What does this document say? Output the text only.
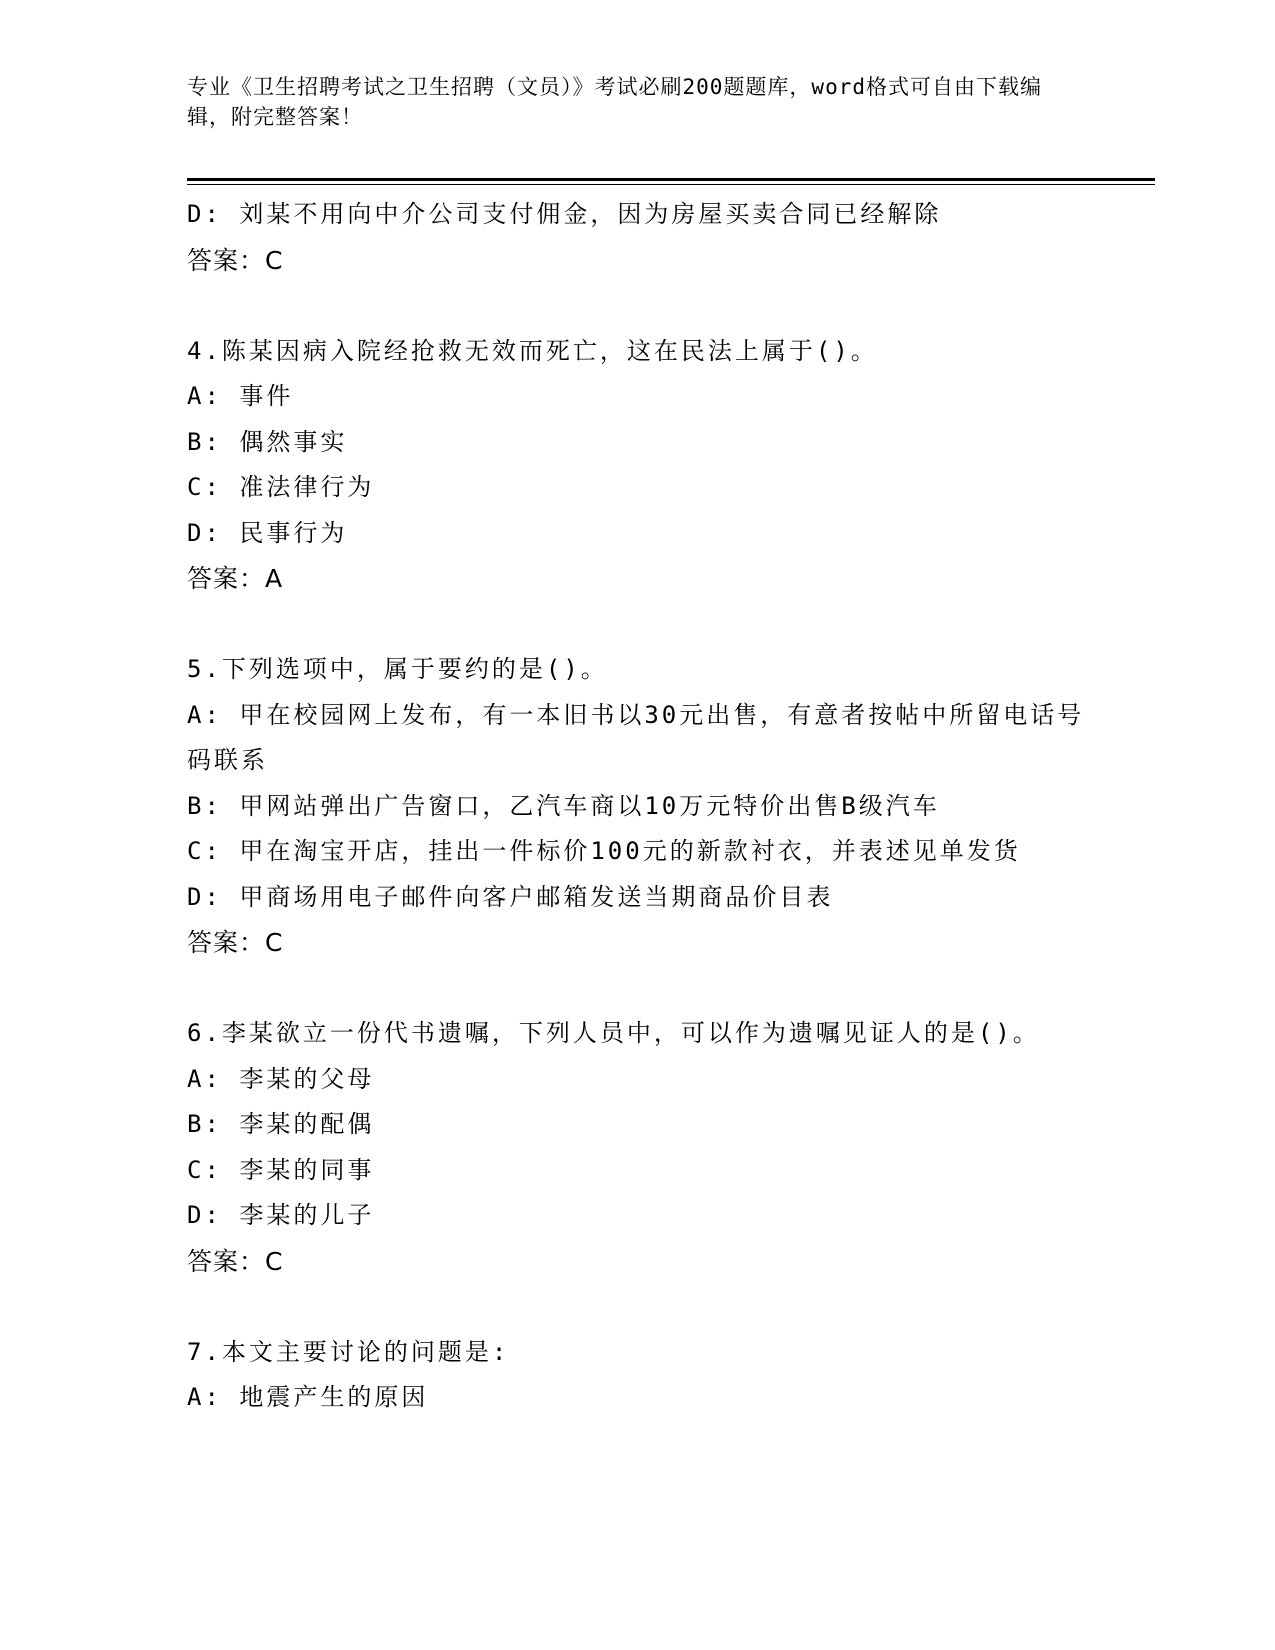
专业《卫生招聘考试之卫生招聘（文员）》考试必刷200题题库，word格式可自由下载编辑，附完整答案！
D: 刘某不用向中介公司支付佣金，因为房屋买卖合同已经解除
答案：C
4.陈某因病入院经抢救无效而死亡，这在民法上属于()。
A: 事件
B: 偶然事实
C: 准法律行为
D: 民事行为
答案：A
5.下列选项中，属于要约的是()。
A: 甲在校园网上发布，有一本旧书以30元出售，有意者按帖中所留电话号码联系
B: 甲网站弹出广告窗口，乙汽车商以10万元特价出售B级汽车
C: 甲在淘宝开店，挂出一件标价100元的新款衬衣，并表述见单发货
D: 甲商场用电子邮件向客户邮箱发送当期商品价目表
答案：C
6.李某欲立一份代书遗嘱，下列人员中，可以作为遗嘱见证人的是()。
A: 李某的父母
B: 李某的配偶
C: 李某的同事
D: 李某的儿子
答案：C
7.本文主要讨论的问题是:
A: 地震产生的原因
